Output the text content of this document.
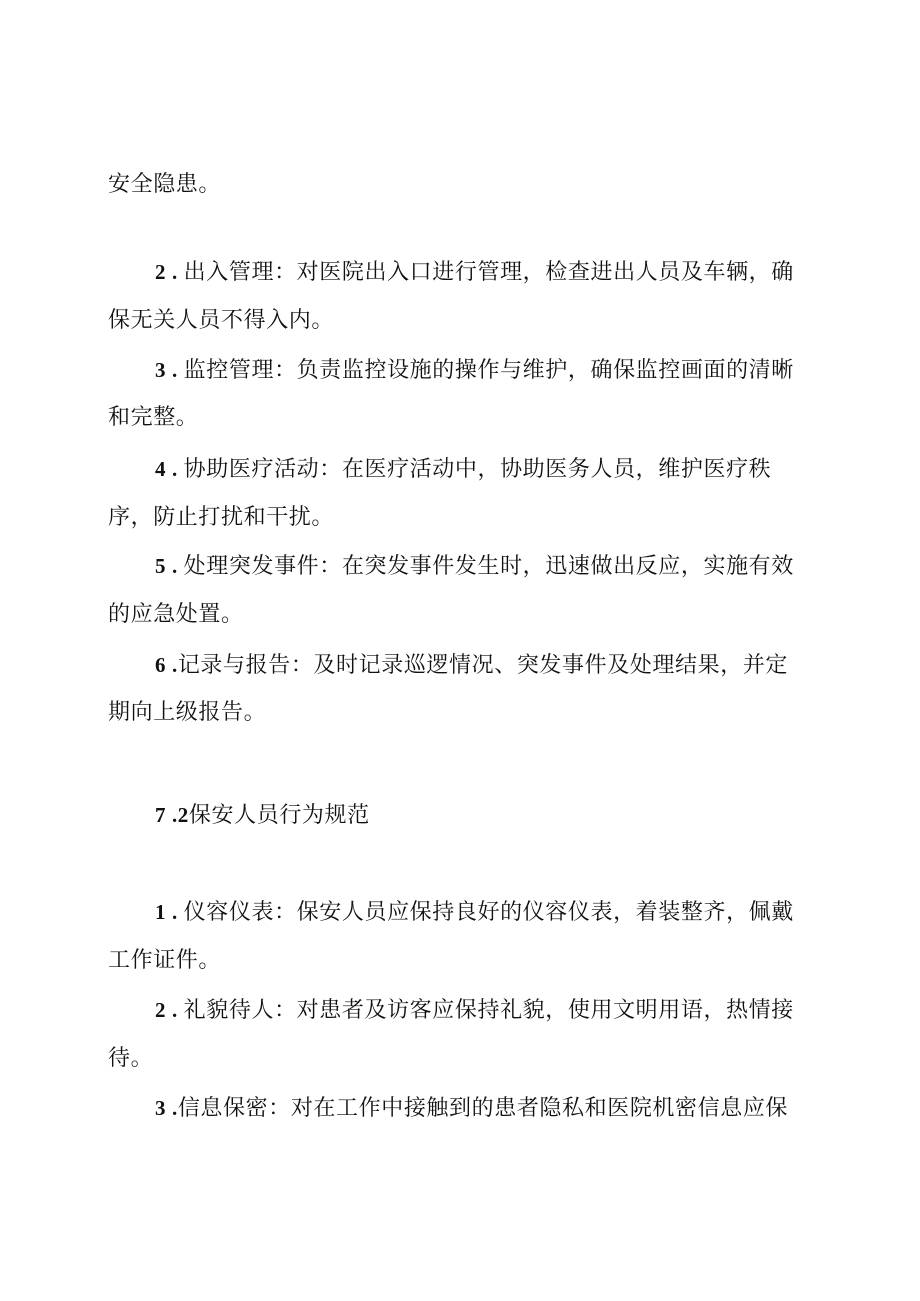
安全隐患。
2 . 出入管理：对医院出入口进行管理，检查进出人员及车辆，确
保无关人员不得入内。
3 . 监控管理：负责监控设施的操作与维护，确保监控画面的清晰
和完整。
4 . 协助医疗活动：在医疗活动中，协助医务人员，维护医疗秩
序，防止打扰和干扰。
5 . 处理突发事件：在突发事件发生时，迅速做出反应，实施有效
的应急处置。
6 .记录与报告：及时记录巡逻情况、突发事件及处理结果，并定
期向上级报告。
7 .2保安人员行为规范
1 . 仪容仪表：保安人员应保持良好的仪容仪表，着装整齐，佩戴
工作证件。
2 . 礼貌待人：对患者及访客应保持礼貌，使用文明用语，热情接
待。
3 .信息保密：对在工作中接触到的患者隐私和医院机密信息应保
